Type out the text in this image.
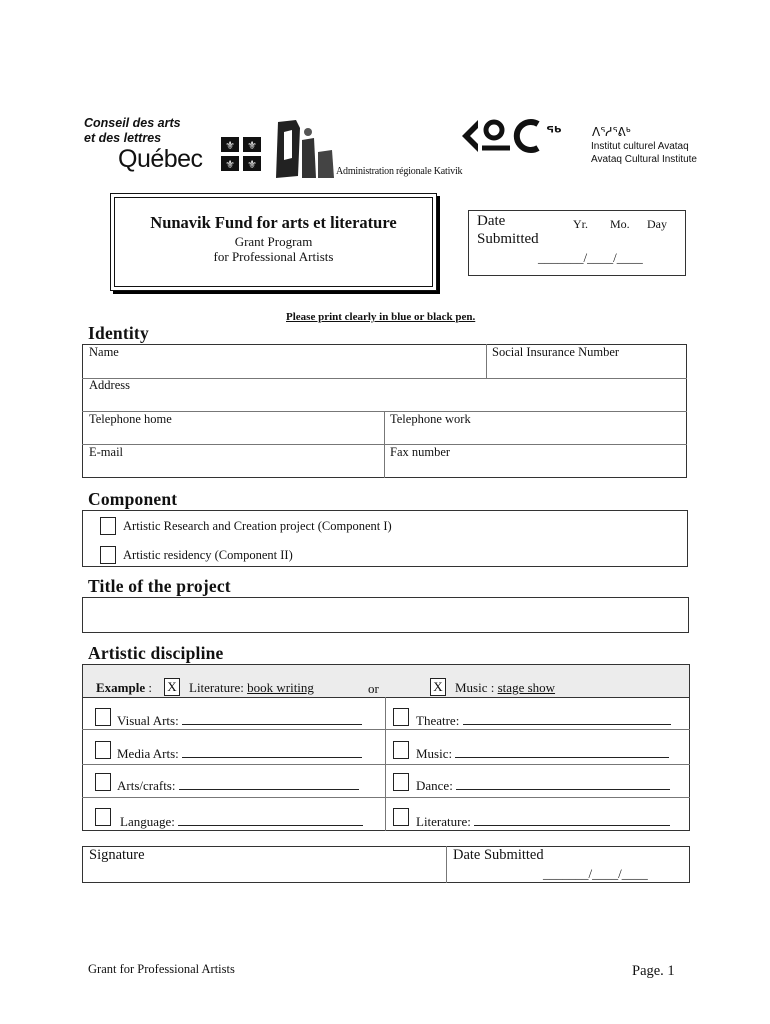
Conseil des arts
et des lettres
Québec ⚜ ⚜
⚜ ⚜
Administration régionale Kativik
ᖅ	ᐱᕐᓱᕐᕕᒃ
Institut culturel Avataq
Avataq Cultural Institute
Nunavik Fund for arts et literature
Grant Program
for Professional Artists
Date
Submitted
Yr. Mo. Day
_______/____/____
Please print clearly in blue or black pen.
Identity
Name	Social Insurance Number
Address
Telephone home	Telephone work
E-mail	Fax number
Component
Artistic Research and Creation project (Component I)
Artistic residency (Component II)
Title of the project
Artistic discipline
Example : X Literature: book writing	or	X Music : stage show
Visual Arts:	Theatre:
Media Arts:	Music:
Arts/crafts:	Dance:
Language:	Literature:
Signature	Date Submitted
_______/____/____
Grant for Professional Artists	Page. 1
